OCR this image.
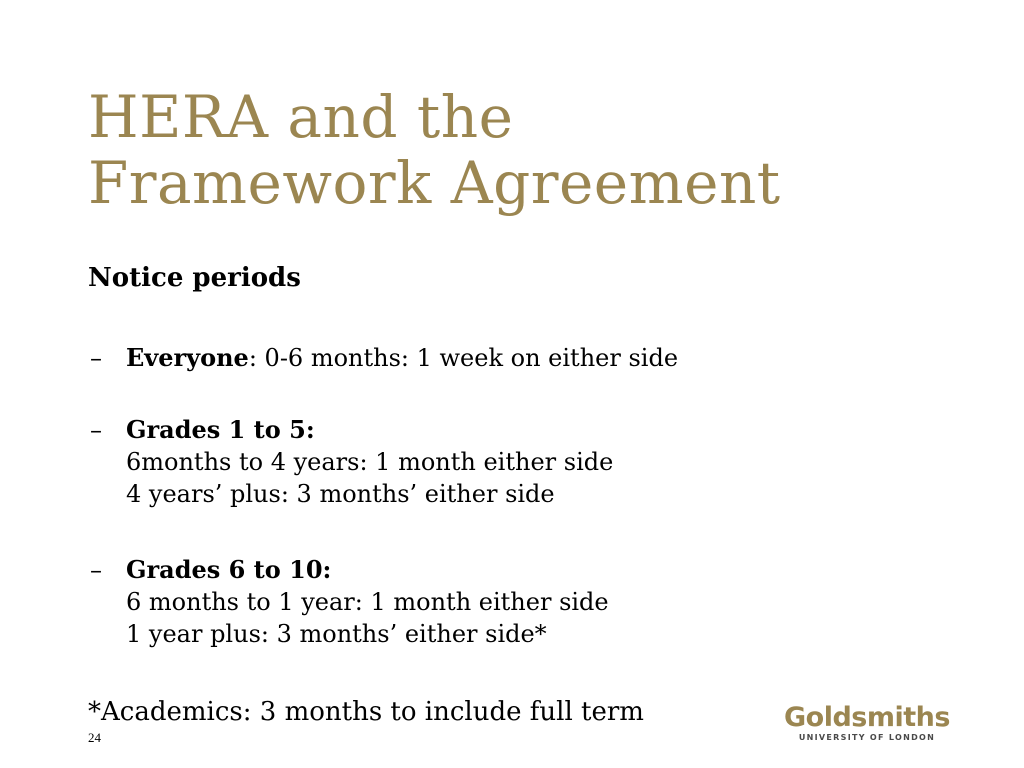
HERA and the
Framework Agreement
Notice periods
–	Everyone: 0-6 months: 1 week on either side
–	Grades 1 to 5:
6months to 4 years: 1 month either side
4 years’ plus: 3 months’ either side
–	Grades 6 to 10:
6 months to 1 year: 1 month either side
1 year plus: 3 months’ either side*
*Academics: 3 months to include full term
24
Goldsmiths
UNIVERSITY OF LONDON
